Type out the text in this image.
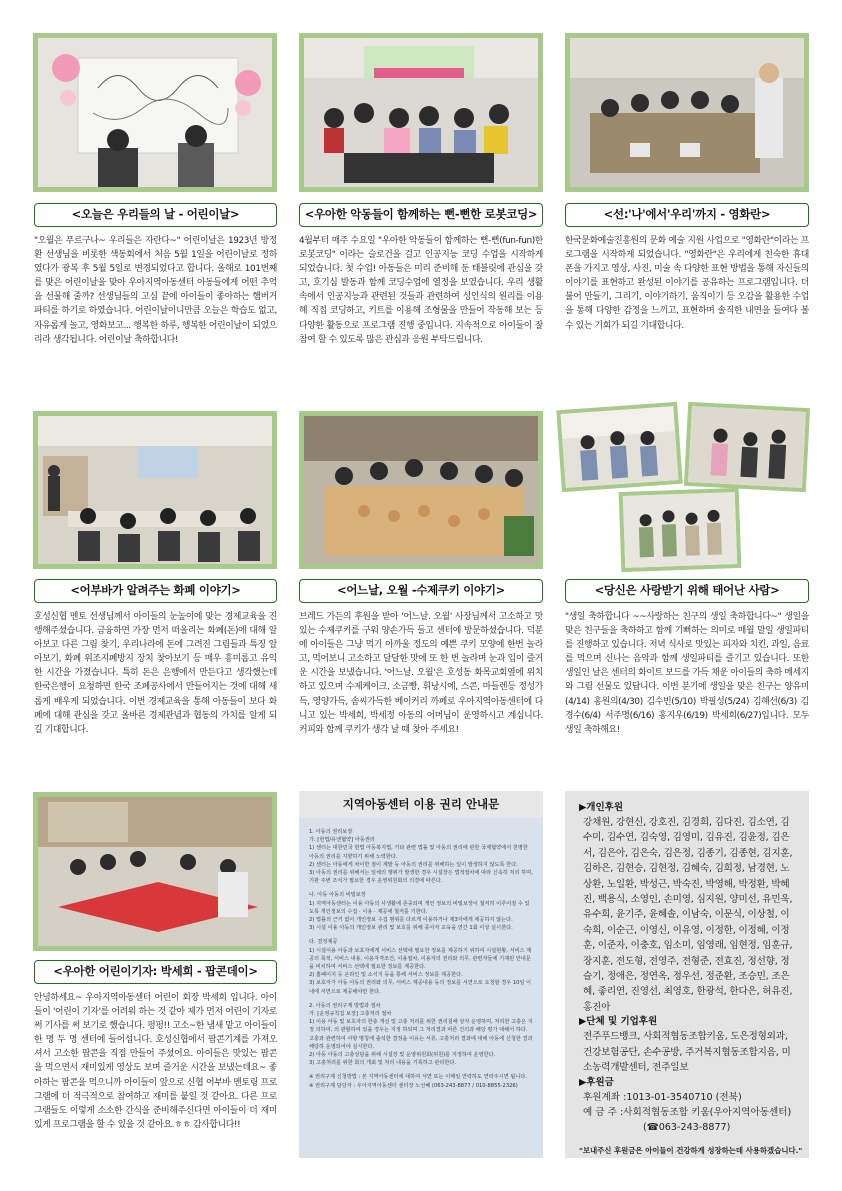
<오늘은 우리들의 날 - 어린이날>	<우아한 악동들이 함께하는 뻔-뻔한 로봇코딩>	<선:'나'에서'우리'까지 - 영화란>
"오월은 푸르구나~ 우리들은 자란다~" 어린이날은 1923년 방정환 선생님을 비롯한 색동회에서 처음 5월 1일을 어린이날로 정하였다가 광복 후 5월 5일로 변경되었다고 합니다. 올해로 101번째를 맞은 어린이날을 맞아 우아지역아동센터 아동들에게 어떤 추억을 선물해 줄까? 선생님들의 고심 끝에 아이들이 좋아하는 햄버거 파티를 하기로 하였습니다. 어린이날이니만큼 오늘은 학습도 없고, 자유롭게 놀고, 영화보고... 행복한 하루, 행복한 어린이날이 되었으리라 생각됩니다. 어린이날 축하합니다!
4월부터 매주 수요일 "우아한 악동들이 함께하는 뻔-뻔(fun-fun)한 로봇코딩" 이라는 슬로건을 걸고 인공지능 코딩 수업을 시작하게 되었습니다. 첫 수업! 아동들은 미리 준비해 둔 태블릿에 관심을 갖고, 호기심 발동과 함께 코딩수업에 열정을 보였습니다. 우리 생활 속에서 인공지능과 관련된 것들과 관련하여 성인식의 원리를 이용해 직접 코딩하고, 키트를 이용해 조형물을 만들어 작동해 보는 등 다양한 활동으로 프로그램 진행 중입니다. 지속적으로 아이들이 잘 참여 할 수 있도록 많은 관심과 응원 부탁드립니다.
한국문화예술진흥원의 문화 예술 지원 사업으로 "영화란"이라는 프로그램을 시작하게 되었습니다. "영화란"은 우리에게 친숙한 휴대폰을 가지고 영상, 사진, 미술 속 다양한 표현 방법을 통해 자신들의 이야기를 표현하고 완성된 이야기를 공유하는 프로그램입니다. 더불어 만들기, 그리기, 이야기하기, 움직이기 등 오감을 활용한 수업을 통해 다양한 감정을 느끼고, 표현하며 솔직한 내면을 들여다 볼 수 있는 기회가 되길 기대합니다.
<어부바가 알려주는 화폐 이야기>	<어느날, 오월 -수제쿠키 이야기>	<당신은 사랑받기 위해 태어난 사람>
호성신협 멘토 선생님께서 아이들의 눈높이에 맞는 경제교육을 진행해주셨습니다. 금융하면 가장 먼저 떠올리는 화폐(돈)에 대해 알아보고 다른 그림 찾기, 우리나라에 돈에 그려진 그림들과 특징 알아보기, 화폐 위조지폐방지 장치 찾아보기 등 매우 흥미롭고 유익한 시간을 가졌습니다. 특히 돈은 은행에서 만든다고 생각했는데 한국은행이 요청하면 한국 조폐공사에서 만들어지는 것에 대해 새롭게 배우게 되었습니다. 이번 경제교육을 통해 아동들이 보다 화폐에 대해 관심을 갖고 올바른 경제관념과 협동의 가치를 알게 되길 기대합니다.
브레드 가든의 후원을 받아 '어느날. 오월' 사장님께서 고소하고 맛있는 수제쿠키를 구워 양손가득 들고 센터에 방문하셨습니다. 덕분에 아이들은 그냥 먹기 아까울 정도의 예쁜 쿠키 모양에 한번 놀라고, 먹어보니 고소하고 달달한 맛에 또 한 번 놀라며 눈과 입이 즐거운 시간을 보냈습니다. '어느날. 오월'은 호성동 화목교회옆에 위치하고 있으며 수제케이크, 소금빵, 휘낭시에, 스콘, 마들렌등 정성가득, 영양가득, 솜씨가득한 베이커리 까페로 우아지역아동센터에 다니고 있는 박세희, 박세정 아동의 어머님이 운영하시고 계십니다. 커피와 함께 쿠키가 생각 날 때 찾아 주세요!
"생일 축하합니다 ~~사랑하는 친구의 생일 축하합니다~" 생일을 맞은 친구들을 축하하고 함께 기뻐하는 의미로 매월 말일 생일파티를 진행하고 있습니다. 저녁 식사로 맛있는 피자와 치킨, 과일, 음료를 먹으며 신나는 음악과 함께 생일파티를 즐기고 있습니다. 또한 생일인 날은 센터의 화이트 보드를 가득 채운 아이들의 축하 메세지와 그림 선물도 있답니다. 이번 분기에 생일을 맞은 친구는 양유미(4/14) 홍원의(4/30) 김수빈(5/10) 박필성(5/24) 김혜선(6/3) 김경수(6/4) 서주명(6/16) 홍지우(6/19) 박세희(6/27)입니다. 모두 생일 축하해요!
<우아한 어린이기자: 박세희 - 팝콘데이>
안녕하세요~ 우아지역아동센터 어린이 회장 박세희 입니다. 아이들이 '어린이 기자'를 어려워 하는 것 같아 제가 먼저 어린이 기자로써 기사를 써 보기로 했습니다. 펑펑!! 고소~한 냄새 맡고 아이들이 한 명 두 명 센터에 들어섭니다. 호성신협에서 팝콘기계를 가져오셔서 고소한 팝콘을 직접 만들어 주셨어요. 아이들은 맛있는 팝콘을 먹으면서 재미있게 영상도 보며 즐거운 시간을 보냈는데요~ 좋아하는 팝콘을 먹으니까 아이들이 앞으로 신협 어부바 멘토링 프로그램에 더 적극적으로 참여하고 재미를 붙일 것 같아요. 다른 프로그램들도 이렇게 소소한 간식을 준비해주신다면 아이들이 더 재미있게 프로그램을 할 수 있을 것 같아요.ㅎㅎ 감사합니다!!
지역아동센터 이용 권리 안내문

1. 아동의 권리보장

가. [헌법/유엔협약] 아동권리

1) 센터는 대한민국 헌법 아동복지법, 기타 관련 법률 및 아동의 권리에 관한 국제협약에서 천명한 아동의 권리를 지향하기 위해 노력한다.

2) 센터는 아동에게 차이한 점이 계발 등 아동의 권리를 위해하는 일이 발생하지 않도록 한다.

3) 아동의 권리를 위해서는 일체의 행위가 발생한 경우 시설장은 법적절차에 따라 신속히 처리 하며, 기관 주변 조치가 필요한 경우 운영위원회의 의결에 따른다.

나. 아동 아동의 비밀보장

1) 지역아동센터는 이용 아동의 사생활에 존중되며 개인 정보의 비밀보장이 철저히 이루어질 수 있도록 개인정보의 수집 · 이용 · 제공에 철저를 기한다.

2) 법률의 근거 없이 개인정보 수집 범위를 다르게 이용하거나 제3자에게 제공하지 않는다.

3) 시설 이용 아동의 개인정보 관리 및 보호를 위해 종사자 교육을 연간 1회 이상 실시한다.

다. 결정제공

1) 시설이용 아동과 보호자에게 서비스 선택에 필요한 정보를 제공하기 위하여 시설현황, 서비스 제공의 목적, 서비스 내용, 이용자격조건, 이용절차, 이용자의 권리와 의무, 관련자들에 기재된 안내문을 비치하여 서비스 선택에 필요한 정보를 제공한다.

2) 홈페이지 등 온라인 및 소식지 등을 통해 서비스 정보를 제공한다.

3) 보호자가 아동 아동의 권리와 의무, 서비스 제공내용 등의 정보를 서면으로 요청할 경우 10일 이내에 서면으로 제공해야만 한다.

2. 아동의 권리구제 방법과 절차

가. [운영규칙집 보장] 고충처리 절차

1) 이용 아동 및 보호자의 한층 개선 및 고충 처리를 위한 권리침해 상자 운영하며, 처리한 고충은 지정 의하여, 의 관할하여 있을 경우는 지정 하되며 그 처리결과 따른 건의과 해당 평가 대해서 하다. 고충과 관련하여 사항 명칭에 출석한 결정을 이유는 서류, 고충처리 결과에 대해 아동에 신청한 결과 해당하 운영되어야 실시한다.

2) 아동 아동의 고충상담을 위해 시설장 및 운영위원회(위원)를 지정하여 운영한다.

3) 고충처리를 위한 회의 개최 및 처리 내용을 기록하고 관리한다.

※ 권리구제 신청방법 : 본 지역아동센터에 대하여 서면 또는 이메일 연락하도 연락주시면 됩니다.

※ 권리구제 담당자 : 우아지역아동센터 센터장 노선혜 (063-243-8877 / 010-8855-2326)

▶개인후원
강채원, 강현신, 강호진, 김경희, 김다진, 김소연, 김수미, 김수연, 김숙영, 김영미, 김유진, 김윤정, 김은서, 김은아, 김은숙, 김은정, 김종기, 김종현, 김지훈, 김하은, 김현승, 김현정, 김혜숙, 김희정, 남경현, 노상환, 노일환, 박성근, 박숙진, 박영해, 박정환, 박혜진, 백용식, 소영인, 손미영, 심지원, 양미선, 유민욱, 유수희, 윤기주, 윤혜솔, 이남숙, 이문식, 이상철, 이숙희, 이순근, 이영신, 이유영, 이정한, 이정혜, 이정훈, 이준자, 이충호, 임소미, 임영래, 임현정, 임훈규, 장지훈, 전도형, 전영주, 전형준, 전효진, 정선향, 정슬기, 정애은, 정연옥, 정우선, 정준환, 조승민, 조은혜, 좋리연, 진영선, 최영호, 한광석, 한다은, 허유진, 홍진아
▶단체 및 기업후원
전주푸드뱅크, 사회적협동조합키움, 도은정형외과, 건강보험공단, 손수공방, 주거복지협동조합지음, 미소농력개발센터, 전주일보
▶후원금
후원계좌 :1013-01-3540710 (전북)
예 금 주 :사회적협동조합 키움(우아지역아동센터)
(☎063-243-8877)
"보내주신 후원금은 아이들이 건강하게 성장하는데 사용하겠습니다."
